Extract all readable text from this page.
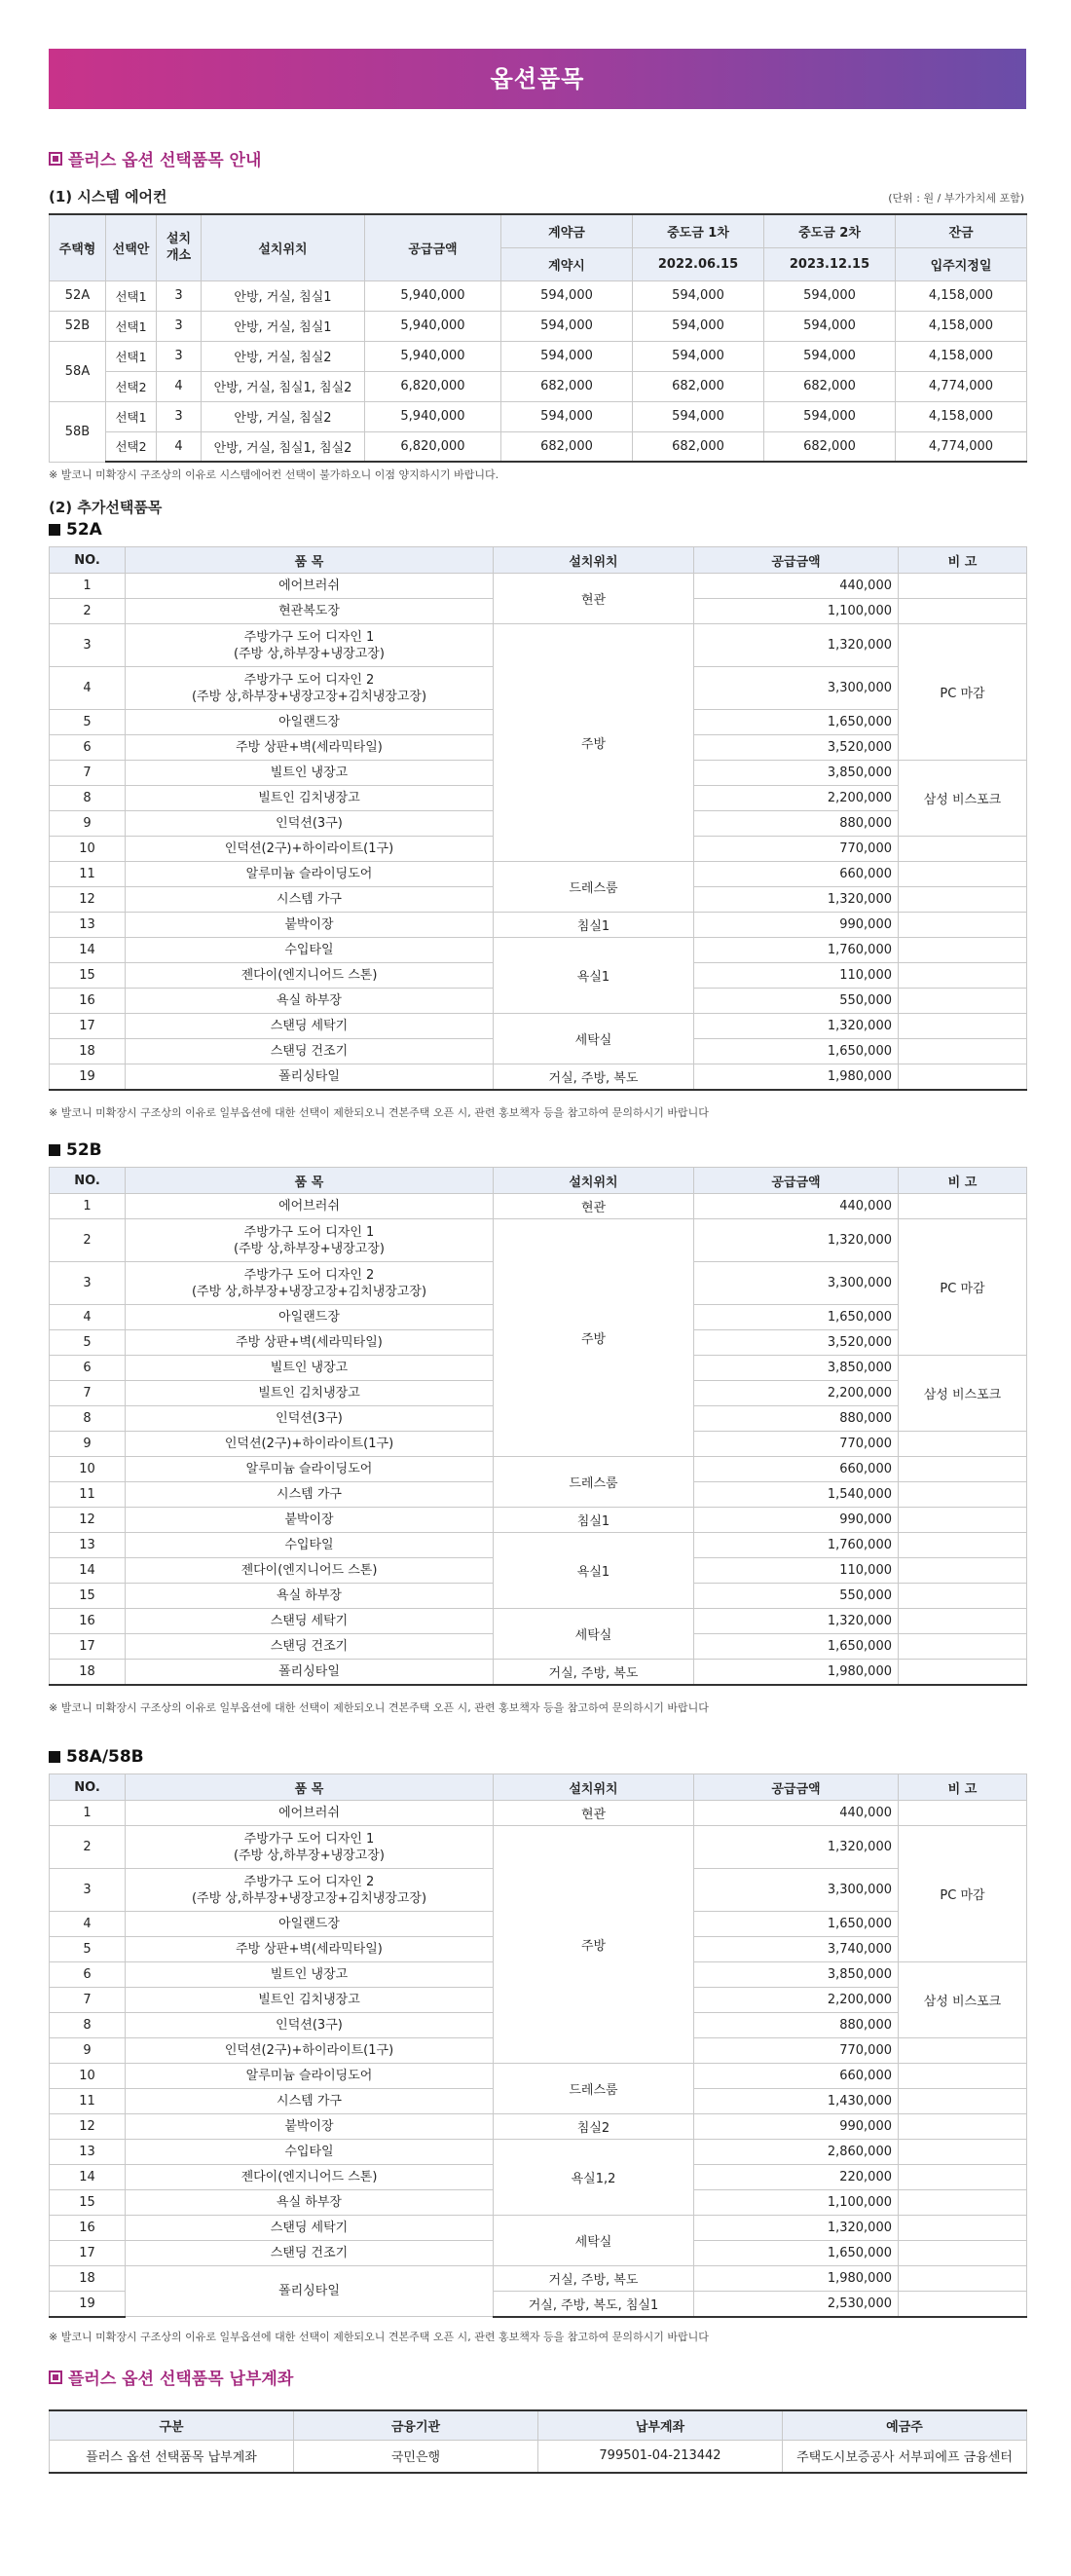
옵션품목
플러스 옵션 선택품목 안내
(1) 시스템 에어컨	(단위 : 원 / 부가가치세 포함)
주택형	선택안	설치
개소	설치위치	공급금액	계약금	중도금 1차	중도금 2차	잔금
					계약시	2022.06.15	2023.12.15	입주지정일
52A	선택1	3	안방, 거실, 침실1	5,940,000	594,000	594,000	594,000	4,158,000
52B	선택1	3	안방, 거실, 침실1	5,940,000	594,000	594,000	594,000	4,158,000
58A	선택1	3	안방, 거실, 침실2	5,940,000	594,000	594,000	594,000	4,158,000
	선택2	4	안방, 거실, 침실1, 침실2	6,820,000	682,000	682,000	682,000	4,774,000
58B	선택1	3	안방, 거실, 침실2	5,940,000	594,000	594,000	594,000	4,158,000
	선택2	4	안방, 거실, 침실1, 침실2	6,820,000	682,000	682,000	682,000	4,774,000
※ 발코니 미확장시 구조상의 이유로 시스템에어컨 선택이 불가하오니 이점 양지하시기 바랍니다.
(2) 추가선택품목
52A
NO.	품 목	설치위치	공급금액	비 고
1	에어브러쉬	현관	440,000	
2	현관복도장		1,100,000	
3	주방가구 도어 디자인 1
(주방 상,하부장+냉장고장)	주방	1,320,000	PC 마감
4	주방가구 도어 디자인 2
(주방 상,하부장+냉장고장+김치냉장고장)		3,300,000	
5	아일랜드장		1,650,000	
6	주방 상판+벽(세라믹타일)		3,520,000	
7	빌트인 냉장고		3,850,000	삼성 비스포크
8	빌트인 김치냉장고		2,200,000	
9	인덕션(3구)		880,000	
10	인덕션(2구)+하이라이트(1구)		770,000	
11	알루미늄 슬라이딩도어	드레스룸	660,000	
12	시스템 가구		1,320,000	
13	붙박이장	침실1	990,000	
14	수입타일	욕실1	1,760,000	
15	젠다이(엔지니어드 스톤)		110,000	
16	욕실 하부장		550,000	
17	스탠딩 세탁기	세탁실	1,320,000	
18	스탠딩 건조기		1,650,000	
19	폴리싱타일	거실, 주방, 복도	1,980,000	
※ 발코니 미확장시 구조상의 이유로 일부옵션에 대한 선택이 제한되오니 견본주택 오픈 시, 관련 홍보책자 등을 참고하여 문의하시기 바랍니다
52B
NO.	품 목	설치위치	공급금액	비 고
1	에어브러쉬	현관	440,000	
2	주방가구 도어 디자인 1
(주방 상,하부장+냉장고장)	주방	1,320,000	PC 마감
3	주방가구 도어 디자인 2
(주방 상,하부장+냉장고장+김치냉장고장)		3,300,000	
4	아일랜드장		1,650,000	
5	주방 상판+벽(세라믹타일)		3,520,000	
6	빌트인 냉장고		3,850,000	삼성 비스포크
7	빌트인 김치냉장고		2,200,000	
8	인덕션(3구)		880,000	
9	인덕션(2구)+하이라이트(1구)		770,000	
10	알루미늄 슬라이딩도어	드레스룸	660,000	
11	시스템 가구		1,540,000	
12	붙박이장	침실1	990,000	
13	수입타일	욕실1	1,760,000	
14	젠다이(엔지니어드 스톤)		110,000	
15	욕실 하부장		550,000	
16	스탠딩 세탁기	세탁실	1,320,000	
17	스탠딩 건조기		1,650,000	
18	폴리싱타일	거실, 주방, 복도	1,980,000	
※ 발코니 미확장시 구조상의 이유로 일부옵션에 대한 선택이 제한되오니 견본주택 오픈 시, 관련 홍보책자 등을 참고하여 문의하시기 바랍니다
58A/58B
NO.	품 목	설치위치	공급금액	비 고
1	에어브러쉬	현관	440,000	
2	주방가구 도어 디자인 1
(주방 상,하부장+냉장고장)	주방	1,320,000	PC 마감
3	주방가구 도어 디자인 2
(주방 상,하부장+냉장고장+김치냉장고장)		3,300,000	
4	아일랜드장		1,650,000	
5	주방 상판+벽(세라믹타일)		3,740,000	
6	빌트인 냉장고		3,850,000	삼성 비스포크
7	빌트인 김치냉장고		2,200,000	
8	인덕션(3구)		880,000	
9	인덕션(2구)+하이라이트(1구)		770,000	
10	알루미늄 슬라이딩도어	드레스룸	660,000	
11	시스템 가구		1,430,000	
12	붙박이장	침실2	990,000	
13	수입타일	욕실1,2	2,860,000	
14	젠다이(엔지니어드 스톤)		220,000	
15	욕실 하부장		1,100,000	
16	스탠딩 세탁기	세탁실	1,320,000	
17	스탠딩 건조기		1,650,000	
18	폴리싱타일	거실, 주방, 복도	1,980,000	
19		거실, 주방, 복도, 침실1	2,530,000	
※ 발코니 미확장시 구조상의 이유로 일부옵션에 대한 선택이 제한되오니 견본주택 오픈 시, 관련 홍보책자 등을 참고하여 문의하시기 바랍니다
플러스 옵션 선택품목 납부계좌
구분	금융기관	납부계좌	예금주
플러스 옵션 선택품목 납부계좌	국민은행	799501-04-213442	주택도시보증공사 서부피에프 금융센터
